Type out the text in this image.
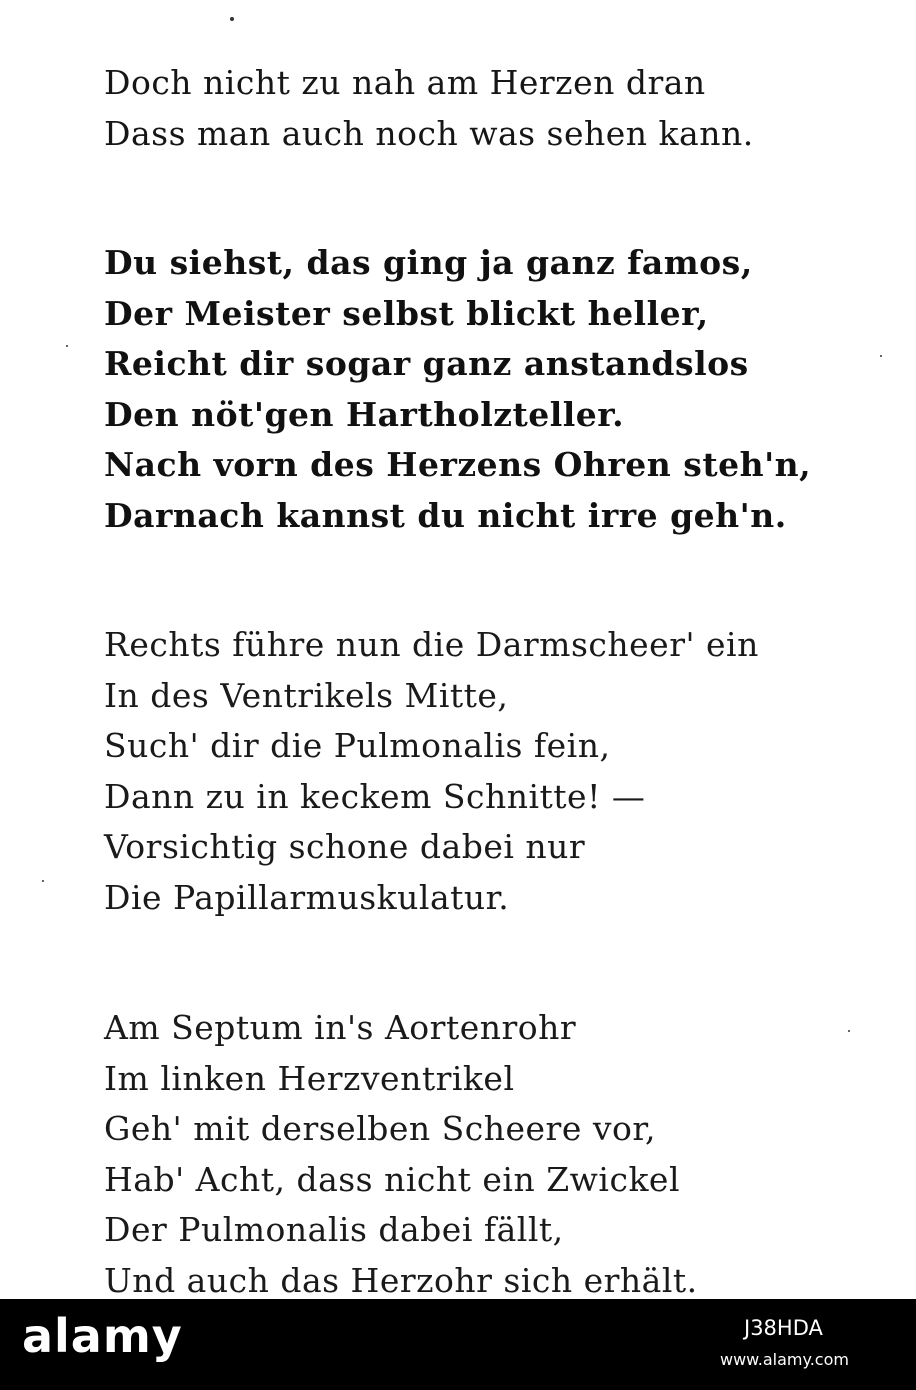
Doch nicht zu nah am Herzen dran
Dass man auch noch was sehen kann.
Du siehst, das ging ja ganz famos,
Der Meister selbst blickt heller,
Reicht dir sogar ganz anstandslos
Den nöt'gen Hartholzteller.
Nach vorn des Herzens Ohren steh'n,
Darnach kannst du nicht irre geh'n.
Rechts führe nun die Darmscheer' ein
In des Ventrikels Mitte,
Such' dir die Pulmonalis fein,
Dann zu in keckem Schnitte! —
Vorsichtig schone dabei nur
Die Papillarmuskulatur.
Am Septum in's Aortenrohr
Im linken Herzventrikel
Geh' mit derselben Scheere vor,
Hab' Acht, dass nicht ein Zwickel
Der Pulmonalis dabei fällt,
Und auch das Herzohr sich erhält.
alamy	J38HDA
www.alamy.com
